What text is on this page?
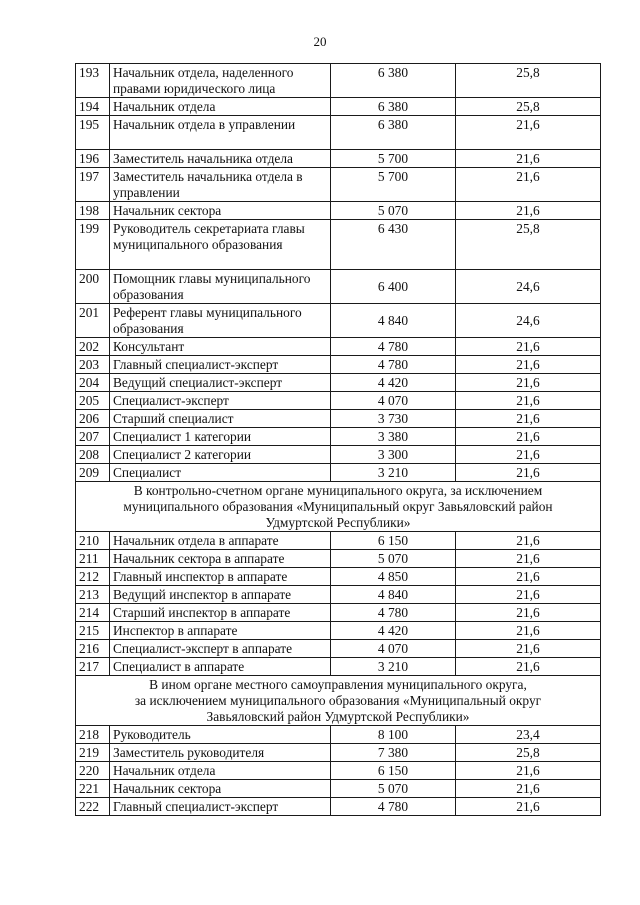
20
193	Начальник отдела, наделенного правами юридического лица	6 380	25,8
194	Начальник отдела	6 380	25,8
195	Начальник отдела в управлении	6 380	21,6
196	Заместитель начальника отдела	5 700	21,6
197	Заместитель начальника отдела в управлении	5 700	21,6
198	Начальник сектора	5 070	21,6
199	Руководитель секретариата главы муниципального образования	6 430	25,8
200	Помощник главы муниципального образования	6 400	24,6
201	Референт главы муниципального образования	4 840	24,6
202	Консультант	4 780	21,6
203	Главный специалист-эксперт	4 780	21,6
204	Ведущий специалист-эксперт	4 420	21,6
205	Специалист-эксперт	4 070	21,6
206	Старший специалист	3 730	21,6
207	Специалист 1 категории	3 380	21,6
208	Специалист 2 категории	3 300	21,6
209	Специалист	3 210	21,6

В контрольно-счетном органе муниципального округа, за исключением
муниципального образования «Муниципальный округ Завьяловский район
Удмуртской Республики»			

210	Начальник отдела в аппарате	6 150	21,6
211	Начальник сектора в аппарате	5 070	21,6
212	Главный инспектор в аппарате	4 850	21,6
213	Ведущий инспектор в аппарате	4 840	21,6
214	Старший инспектор в аппарате	4 780	21,6
215	Инспектор в аппарате	4 420	21,6
216	Специалист-эксперт в аппарате	4 070	21,6
217	Специалист в аппарате	3 210	21,6

В ином органе местного самоуправления муниципального округа,
за исключением муниципального образования «Муниципальный округ
Завьяловский район Удмуртской Республики»			

218	Руководитель	8 100	23,4
219	Заместитель руководителя	7 380	25,8
220	Начальник отдела	6 150	21,6
221	Начальник сектора	5 070	21,6
222	Главный специалист-эксперт	4 780	21,6
